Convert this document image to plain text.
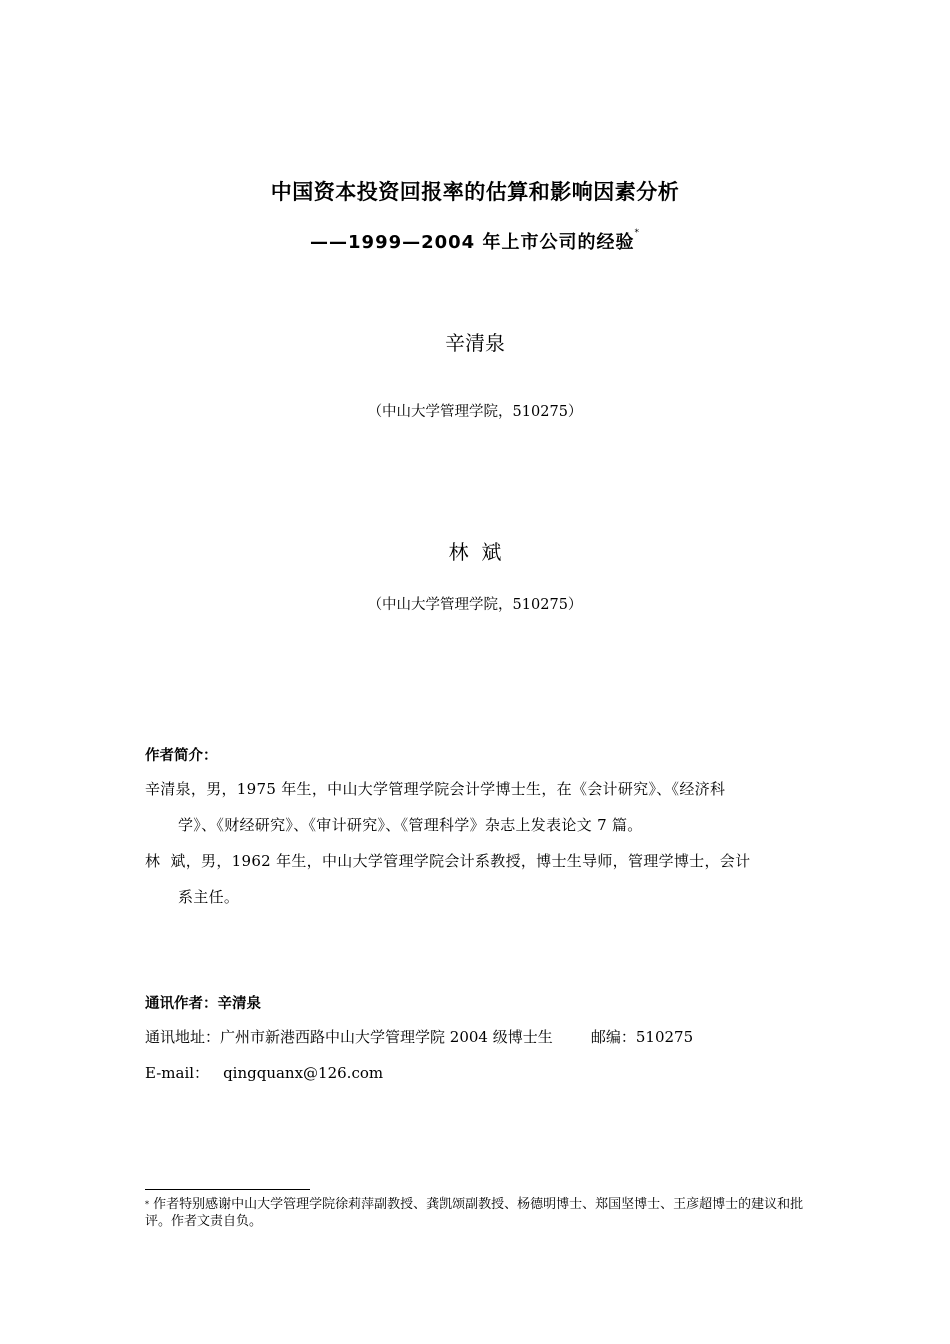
中国资本投资回报率的估算和影响因素分析
——1999—2004 年上市公司的经验*
辛清泉
（中山大学管理学院，510275）
林  斌
（中山大学管理学院，510275）
作者简介：
辛清泉，男，1975 年生，中山大学管理学院会计学博士生，在《会计研究》、《经济科
学》、《财经研究》、《审计研究》、《管理科学》杂志上发表论文 7 篇。
林  斌，男，1962 年生，中山大学管理学院会计系教授，博士生导师，管理学博士，会计
系主任。
通讯作者：辛清泉
通讯地址：广州市新港西路中山大学管理学院 2004 级博士生        邮编：510275
E-mail： qingquanx@126.com
* 作者特别感谢中山大学管理学院徐莉萍副教授、龚凯颂副教授、杨德明博士、郑国坚博士、王彦超博士的建议和批评。作者文责自负。
